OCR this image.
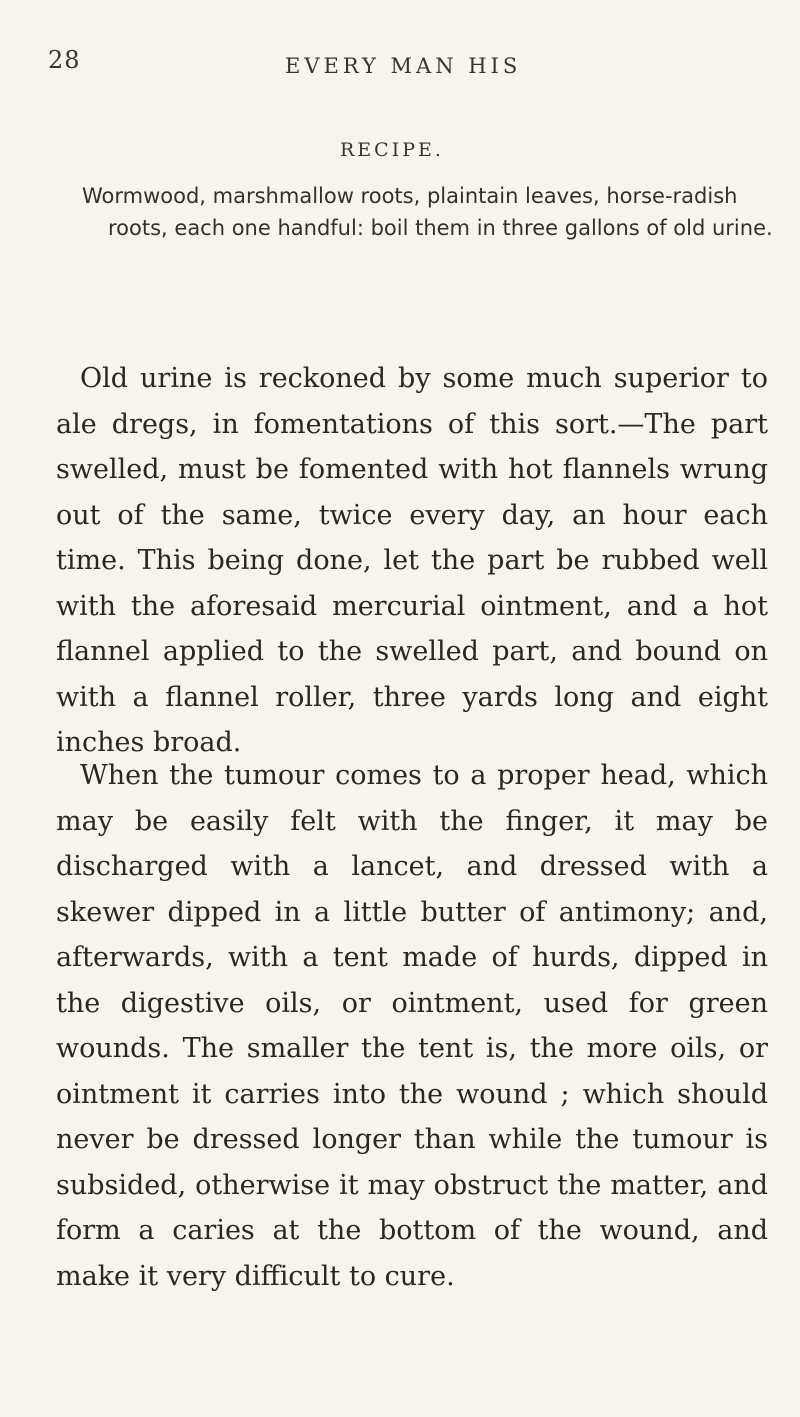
28	EVERY MAN HIS
RECIPE.
Wormwood, marshmallow roots, plaintain leaves, horse-radish roots, each one handful: boil them in three gallons of old urine.

Old urine is reckoned by some much superior to ale dregs, in fomentations of this sort.—The part swelled, must be fomented with hot flannels wrung out of the same, twice every day, an hour each time. This being done, let the part be rubbed well with the aforesaid mercurial ointment, and a hot flannel applied to the swelled part, and bound on with a flannel roller, three yards long and eight inches broad.

When the tumour comes to a proper head, which may be easily felt with the finger, it may be discharged with a lancet, and dressed with a skewer dipped in a little butter of antimony; and, afterwards, with a tent made of hurds, dipped in the digestive oils, or ointment, used for green wounds. The smaller the tent is, the more oils, or ointment it carries into the wound ; which should never be dressed longer than while the tumour is subsided, otherwise it may obstruct the matter, and form a caries at the bottom of the wound, and make it very difficult to cure.
